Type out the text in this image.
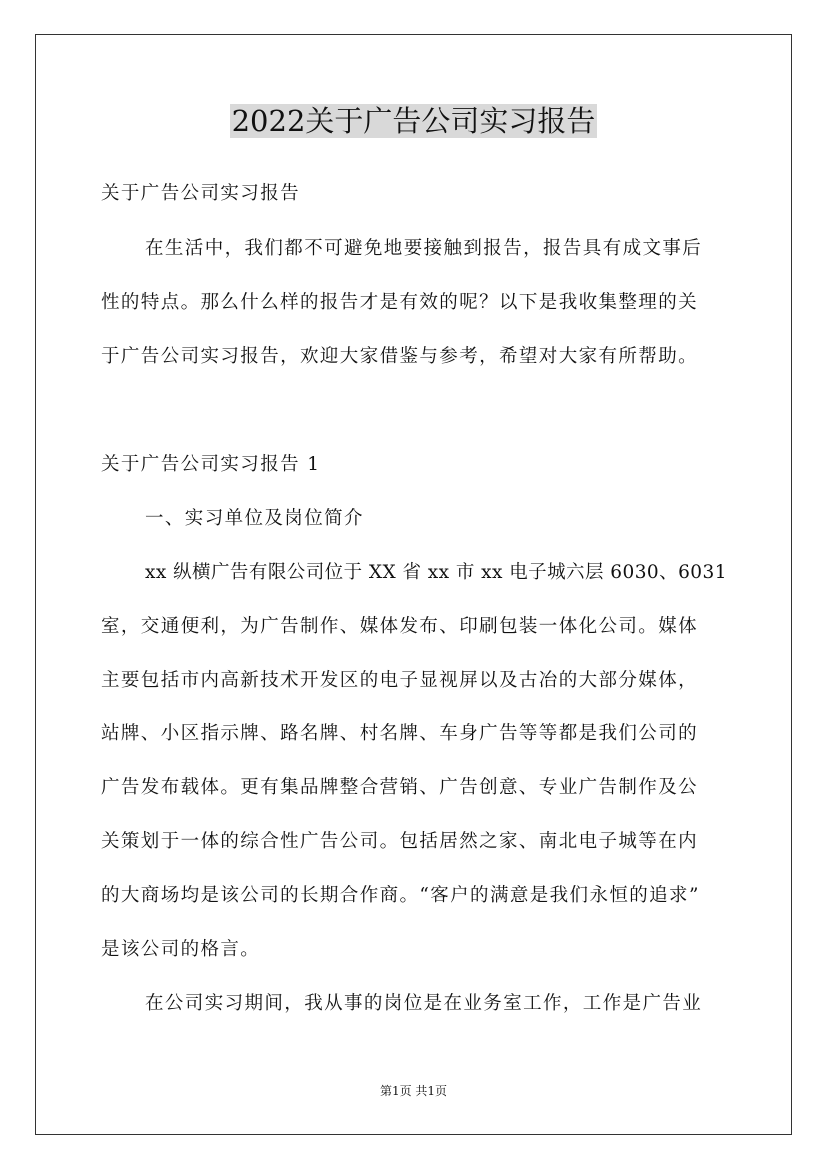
2022关于广告公司实习报告
关于广告公司实习报告
在生活中，我们都不可避免地要接触到报告，报告具有成文事后
性的特点。那么什么样的报告才是有效的呢？以下是我收集整理的关
于广告公司实习报告，欢迎大家借鉴与参考，希望对大家有所帮助。
关于广告公司实习报告 1
一、实习单位及岗位简介
xx 纵横广告有限公司位于 XX 省 xx 市 xx 电子城六层 6030、6031
室，交通便利，为广告制作、媒体发布、印刷包装一体化公司。媒体
主要包括市内高新技术开发区的电子显视屏以及古冶的大部分媒体，
站牌、小区指示牌、路名牌、村名牌、车身广告等等都是我们公司的
广告发布载体。更有集品牌整合营销、广告创意、专业广告制作及公
关策划于一体的综合性广告公司。包括居然之家、南北电子城等在内
的大商场均是该公司的长期合作商。“客户的满意是我们永恒的追求”
是该公司的格言。
在公司实习期间，我从事的岗位是在业务室工作，工作是广告业
第1页 共1页
